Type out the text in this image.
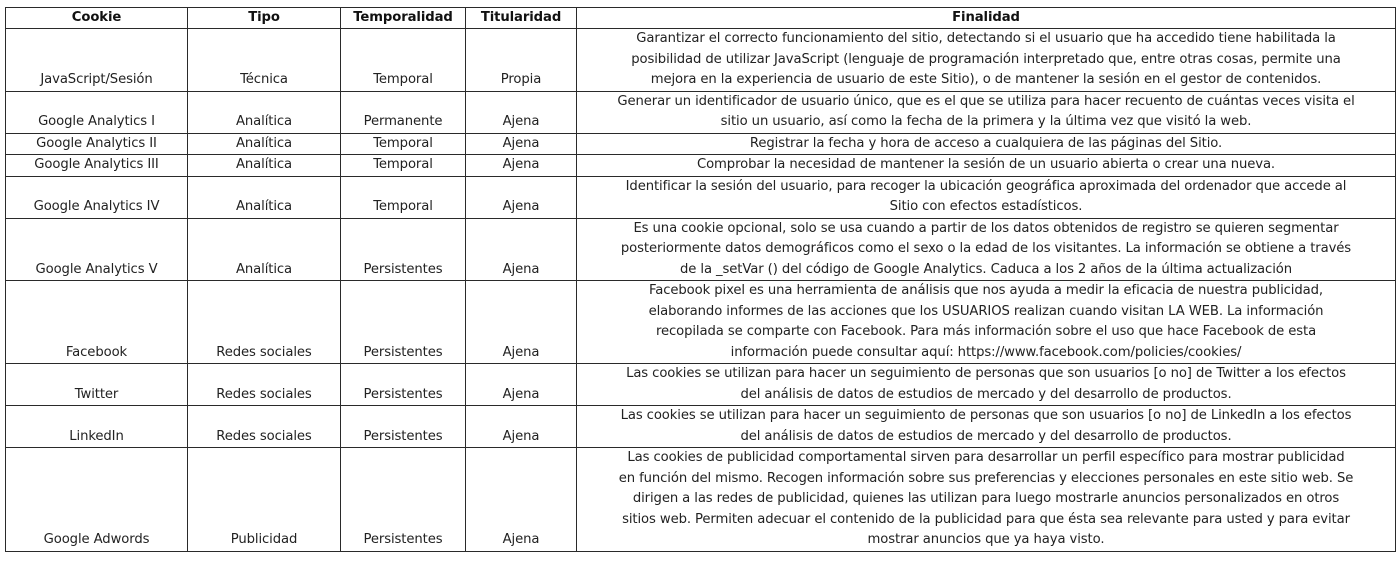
Cookie	Tipo	Temporalidad	Titularidad	Finalidad
JavaScript/Sesión	Técnica	Temporal	Propia	Garantizar el correcto funcionamiento del sitio, detectando si el usuario que ha accedido tiene habilitada la
posibilidad de utilizar JavaScript (lenguaje de programación interpretado que, entre otras cosas, permite una
mejora en la experiencia de usuario de este Sitio), o de mantener la sesión en el gestor de contenidos.
Google Analytics I	Analítica	Permanente	Ajena	Generar un identificador de usuario único, que es el que se utiliza para hacer recuento de cuántas veces visita el
sitio un usuario, así como la fecha de la primera y la última vez que visitó la web.
Google Analytics II	Analítica	Temporal	Ajena	Registrar la fecha y hora de acceso a cualquiera de las páginas del Sitio.
Google Analytics III	Analítica	Temporal	Ajena	Comprobar la necesidad de mantener la sesión de un usuario abierta o crear una nueva.
Google Analytics IV	Analítica	Temporal	Ajena	Identificar la sesión del usuario, para recoger la ubicación geográfica aproximada del ordenador que accede al
Sitio con efectos estadísticos.
Google Analytics V	Analítica	Persistentes	Ajena	Es una cookie opcional, solo se usa cuando a partir de los datos obtenidos de registro se quieren segmentar
posteriormente datos demográficos como el sexo o la edad de los visitantes. La información se obtiene a través
de la _setVar () del código de Google Analytics. Caduca a los 2 años de la última actualización
Facebook	Redes sociales	Persistentes	Ajena	Facebook pixel es una herramienta de análisis que nos ayuda a medir la eficacia de nuestra publicidad,
elaborando informes de las acciones que los USUARIOS realizan cuando visitan LA WEB. La información
recopilada se comparte con Facebook. Para más información sobre el uso que hace Facebook de esta
información puede consultar aquí: https://www.facebook.com/policies/cookies/
Twitter	Redes sociales	Persistentes	Ajena	Las cookies se utilizan para hacer un seguimiento de personas que son usuarios [o no] de Twitter a los efectos
del análisis de datos de estudios de mercado y del desarrollo de productos.
LinkedIn	Redes sociales	Persistentes	Ajena	Las cookies se utilizan para hacer un seguimiento de personas que son usuarios [o no] de LinkedIn a los efectos
del análisis de datos de estudios de mercado y del desarrollo de productos.
Google Adwords	Publicidad	Persistentes	Ajena	Las cookies de publicidad comportamental sirven para desarrollar un perfil específico para mostrar publicidad
en función del mismo. Recogen información sobre sus preferencias y elecciones personales en este sitio web. Se
dirigen a las redes de publicidad, quienes las utilizan para luego mostrarle anuncios personalizados en otros
sitios web. Permiten adecuar el contenido de la publicidad para que ésta sea relevante para usted y para evitar
mostrar anuncios que ya haya visto.
